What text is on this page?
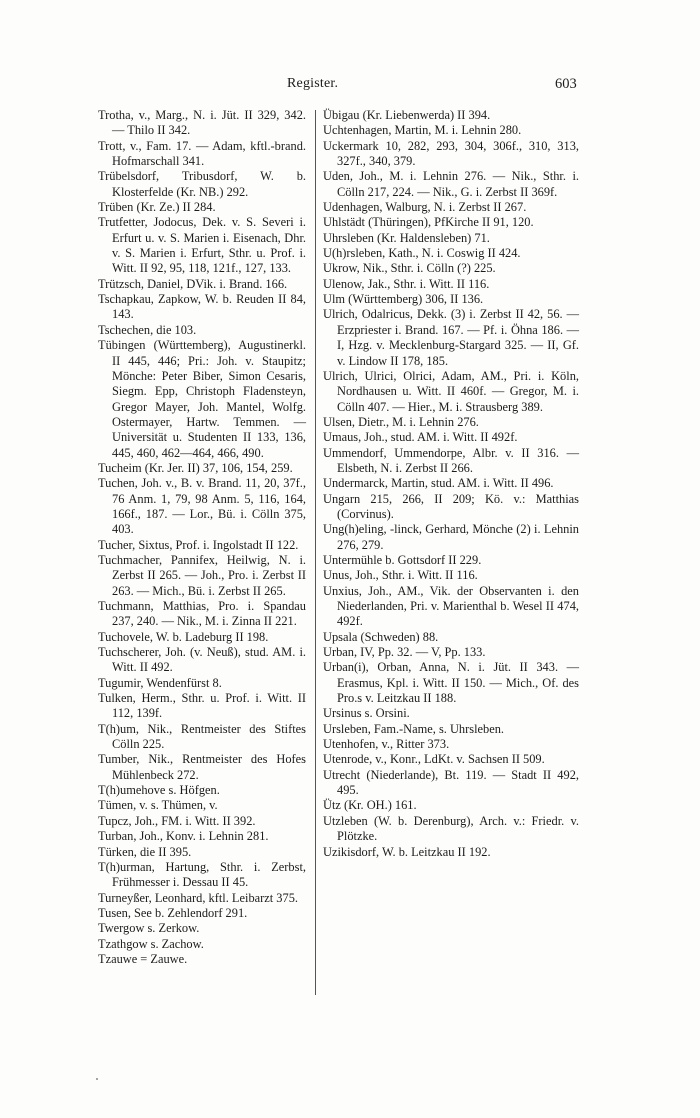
Register.	603

Trotha, v., Marg., N. i. Jüt. II 329, 342. — Thilo II 342.

Trott, v., Fam. 17. — Adam, kftl.-brand. Hofmarschall 341.

Trübelsdorf, Tribusdorf, W. b. Klosterfelde (Kr. NB.) 292.

Trüben (Kr. Ze.) II 284.

Trutfetter, Jodocus, Dek. v. S. Severi i. Erfurt u. v. S. Marien i. Eisenach, Dhr. v. S. Marien i. Erfurt, Sthr. u. Prof. i. Witt. II 92, 95, 118, 121f., 127, 133.

Trützsch, Daniel, DVik. i. Brand. 166.

Tschapkau, Zapkow, W. b. Reuden II 84, 143.

Tschechen, die 103.

Tübingen (Württemberg), Augustinerkl. II 445, 446; Pri.: Joh. v. Staupitz; Mönche: Peter Biber, Simon Cesaris, Siegm. Epp, Christoph Fladensteyn, Gregor Mayer, Joh. Mantel, Wolfg. Ostermayer, Hartw. Temmen. — Universität u. Studenten II 133, 136, 445, 460, 462—464, 466, 490.

Tucheim (Kr. Jer. II) 37, 106, 154, 259.

Tuchen, Joh. v., B. v. Brand. 11, 20, 37f., 76 Anm. 1, 79, 98 Anm. 5, 116, 164, 166f., 187. — Lor., Bü. i. Cölln 375, 403.

Tucher, Sixtus, Prof. i. Ingolstadt II 122.

Tuchmacher, Pannifex, Heilwig, N. i. Zerbst II 265. — Joh., Pro. i. Zerbst II 263. — Mich., Bü. i. Zerbst II 265.

Tuchmann, Matthias, Pro. i. Spandau 237, 240. — Nik., M. i. Zinna II 221.

Tuchovele, W. b. Ladeburg II 198.

Tuchscherer, Joh. (v. Neuß), stud. AM. i. Witt. II 492.

Tugumir, Wendenfürst 8.

Tulken, Herm., Sthr. u. Prof. i. Witt. II 112, 139f.

T(h)um, Nik., Rentmeister des Stiftes Cölln 225.

Tumber, Nik., Rentmeister des Hofes Mühlenbeck 272.

T(h)umehove s. Höfgen.

Tümen, v. s. Thümen, v.

Tupcz, Joh., FM. i. Witt. II 392.

Turban, Joh., Konv. i. Lehnin 281.

Türken, die II 395.

T(h)urman, Hartung, Sthr. i. Zerbst, Frühmesser i. Dessau II 45.

Turneyßer, Leonhard, kftl. Leibarzt 375.

Tusen, See b. Zehlendorf 291.

Twergow s. Zerkow.

Tzathgow s. Zachow.

Tzauwe = Zauwe.

Übigau (Kr. Liebenwerda) II 394.

Uchtenhagen, Martin, M. i. Lehnin 280.

Uckermark 10, 282, 293, 304, 306f., 310, 313, 327f., 340, 379.

Uden, Joh., M. i. Lehnin 276. — Nik., Sthr. i. Cölln 217, 224. — Nik., G. i. Zerbst II 369f.

Udenhagen, Walburg, N. i. Zerbst II 267.

Uhlstädt (Thüringen), PfKirche II 91, 120.

Uhrsleben (Kr. Haldensleben) 71.

U(h)rsleben, Kath., N. i. Coswig II 424.

Ukrow, Nik., Sthr. i. Cölln (?) 225.

Ulenow, Jak., Sthr. i. Witt. II 116.

Ulm (Württemberg) 306, II 136.

Ulrich, Odalricus, Dekk. (3) i. Zerbst II 42, 56. — Erzpriester i. Brand. 167. — Pf. i. Öhna 186. — I, Hzg. v. Mecklenburg-Stargard 325. — II, Gf. v. Lindow II 178, 185.

Ulrich, Ulrici, Olrici, Adam, AM., Pri. i. Köln, Nordhausen u. Witt. II 460f. — Gregor, M. i. Cölln 407. — Hier., M. i. Strausberg 389.

Ulsen, Dietr., M. i. Lehnin 276.

Umaus, Joh., stud. AM. i. Witt. II 492f.

Ummendorf, Ummendorpe, Albr. v. II 316. — Elsbeth, N. i. Zerbst II 266.

Undermarck, Martin, stud. AM. i. Witt. II 496.

Ungarn 215, 266, II 209; Kö. v.: Matthias (Corvinus).

Ung(h)eling, -linck, Gerhard, Mönche (2) i. Lehnin 276, 279.

Untermühle b. Gottsdorf II 229.

Unus, Joh., Sthr. i. Witt. II 116.

Unxius, Joh., AM., Vik. der Observanten i. den Niederlanden, Pri. v. Marienthal b. Wesel II 474, 492f.

Upsala (Schweden) 88.

Urban, IV, Pp. 32. — V, Pp. 133.

Urban(i), Orban, Anna, N. i. Jüt. II 343. — Erasmus, Kpl. i. Witt. II 150. — Mich., Of. des Pro.s v. Leitzkau II 188.

Ursinus s. Orsini.

Ursleben, Fam.-Name, s. Uhrsleben.

Utenhofen, v., Ritter 373.

Utenrode, v., Konr., LdKt. v. Sachsen II 509.

Utrecht (Niederlande), Bt. 119. — Stadt II 492, 495.

Ütz (Kr. OH.) 161.

Utzleben (W. b. Derenburg), Arch. v.: Friedr. v. Plötzke.

Uzikisdorf, W. b. Leitzkau II 192.
